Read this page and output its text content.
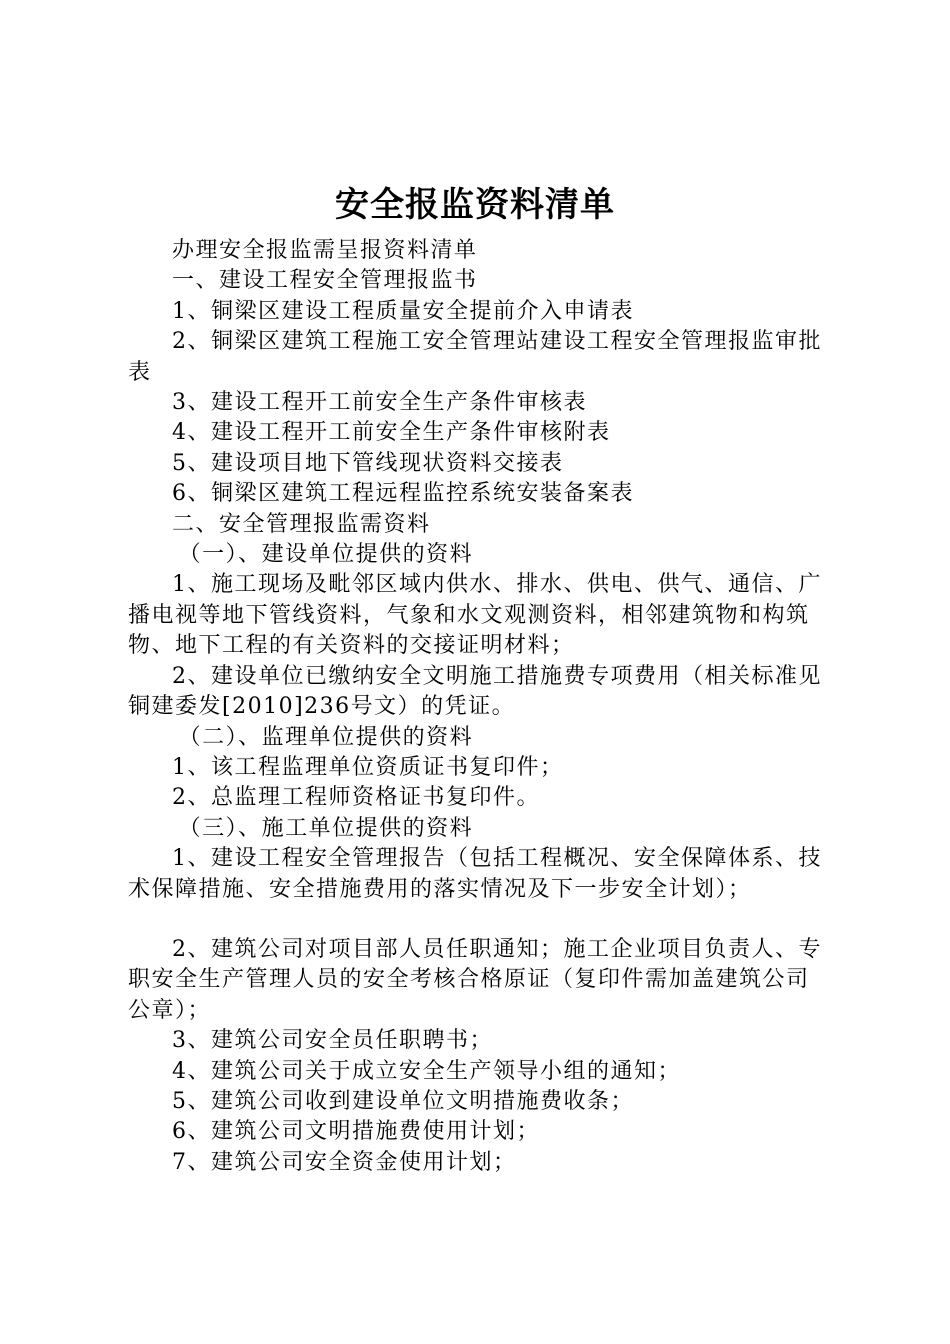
安全报监资料清单

办理安全报监需呈报资料清单

一、建设工程安全管理报监书

1、铜梁区建设工程质量安全提前介入申请表

2、铜梁区建筑工程施工安全管理站建设工程安全管理报监审批表

3、建设工程开工前安全生产条件审核表

4、建设工程开工前安全生产条件审核附表

5、建设项目地下管线现状资料交接表

6、铜梁区建筑工程远程监控系统安装备案表

二、安全管理报监需资料

（一）、建设单位提供的资料

1、施工现场及毗邻区域内供水、排水、供电、供气、通信、广播电视等地下管线资料，气象和水文观测资料，相邻建筑物和构筑物、地下工程的有关资料的交接证明材料；

2、建设单位已缴纳安全文明施工措施费专项费用（相关标准见铜建委发[2010]236号文）的凭证。

（二）、监理单位提供的资料

1、该工程监理单位资质证书复印件；

2、总监理工程师资格证书复印件。

（三）、施工单位提供的资料

1、建设工程安全管理报告（包括工程概况、安全保障体系、技术保障措施、安全措施费用的落实情况及下一步安全计划）；

2、建筑公司对项目部人员任职通知；施工企业项目负责人、专职安全生产管理人员的安全考核合格原证（复印件需加盖建筑公司公章）；

3、建筑公司安全员任职聘书；

4、建筑公司关于成立安全生产领导小组的通知；

5、建筑公司收到建设单位文明措施费收条；

6、建筑公司文明措施费使用计划；

7、建筑公司安全资金使用计划；
